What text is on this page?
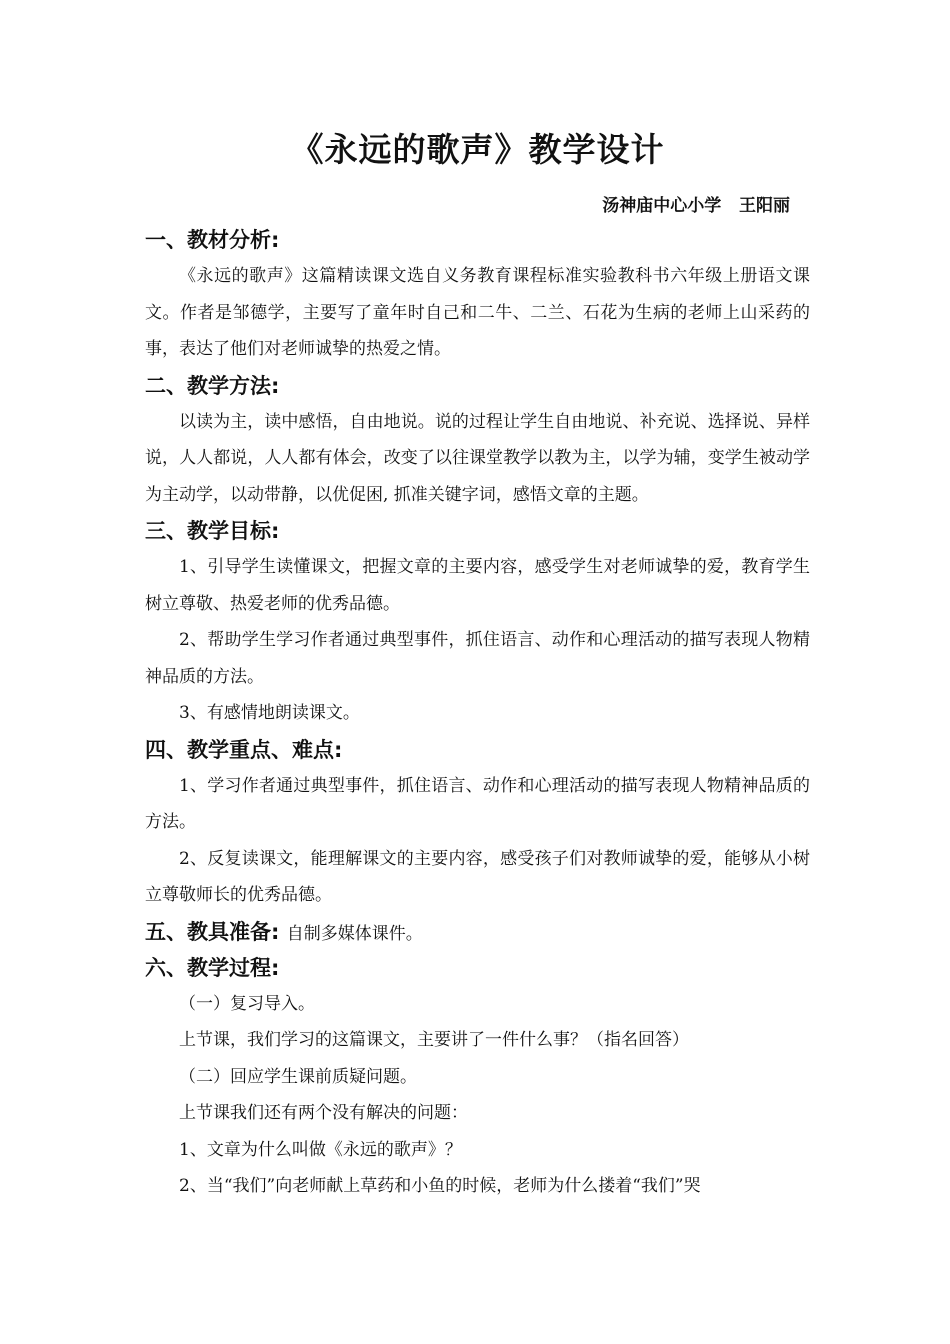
《永远的歌声》教学设计
汤神庙中心小学   王阳丽
一、教材分析:

《永远的歌声》这篇精读课文选自义务教育课程标准实验教科书六年级上册语文课文。作者是邹德学，主要写了童年时自己和二牛、二兰、石花为生病的老师上山采药的事，表达了他们对老师诚挚的热爱之情。

二、教学方法:

以读为主，读中感悟，自由地说。说的过程让学生自由地说、补充说、选择说、异样说，人人都说，人人都有体会，改变了以往课堂教学以教为主，以学为辅，变学生被动学为主动学，以动带静，以优促困, 抓准关键字词，感悟文章的主题。

三、教学目标:

1、引导学生读懂课文，把握文章的主要内容，感受学生对老师诚挚的爱，教育学生树立尊敬、热爱老师的优秀品德。

2、帮助学生学习作者通过典型事件，抓住语言、动作和心理活动的描写表现人物精神品质的方法。

3、有感情地朗读课文。

四、教学重点、难点:

1、学习作者通过典型事件，抓住语言、动作和心理活动的描写表现人物精神品质的方法。

2、反复读课文，能理解课文的主要内容，感受孩子们对教师诚挚的爱，能够从小树立尊敬师长的优秀品德。

五、教具准备: 自制多媒体课件。
六、教学过程:

（一）复习导入。

上节课，我们学习的这篇课文，主要讲了一件什么事？（指名回答）

（二）回应学生课前质疑问题。

上节课我们还有两个没有解决的问题：

1、文章为什么叫做《永远的歌声》？

2、当“我们”向老师献上草药和小鱼的时候，老师为什么搂着“我们”哭
